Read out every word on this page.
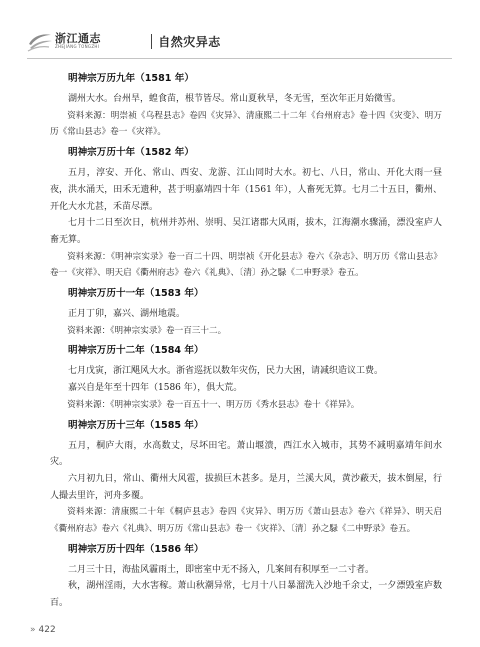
浙江通志
ZHEJIANG TONGZHI	自然灾异志
明神宗万历九年（1581 年）

湖州大水。台州旱，蝗食苗，根节皆尽。常山夏秋旱，冬无雪，至次年正月始微雪。

资料来源：明崇祯《乌程县志》卷四《灾异》、清康熙二十二年《台州府志》卷十四《灾变》、明万历《常山县志》卷一《灾祥》。

明神宗万历十年（1582 年）

五月，淳安、开化、常山、西安、龙游、江山同时大水。初七、八日，常山、开化大雨一昼夜，洪水涌天，田禾无遗种，甚于明嘉靖四十年（1561 年），人畜死无算。七月二十五日，衢州、开化大水尤甚，禾苗尽漂。

七月十二日至次日，杭州并苏州、崇明、吴江诸郡大风雨，拔木，江海潮水骤涌，漂没室庐人畜无算。

资料来源：《明神宗实录》卷一百二十四、明崇祯《开化县志》卷六《杂志》、明万历《常山县志》卷一《灾祥》、明天启《衢州府志》卷六《礼典》、〔清〕孙之騄《二申野录》卷五。

明神宗万历十一年（1583 年）

正月丁卯，嘉兴、湖州地震。

资料来源：《明神宗实录》卷一百三十二。

明神宗万历十二年（1584 年）

七月戊寅，浙江飓风大水。浙省巡抚以数年灾伤，民力大困，请减织造议工费。

嘉兴自是年至十四年（1586 年），俱大荒。

资料来源：《明神宗实录》卷一百五十一、明万历《秀水县志》卷十《祥异》。

明神宗万历十三年（1585 年）

五月，桐庐大雨，水高数丈，尽坏田宅。萧山堰溃，西江水入城市，其势不减明嘉靖年间水灾。

六月初九日，常山、衢州大风雹，拔损巨木甚多。是月，兰溪大风，黄沙蔽天，拔木倒屋，行人撮去里许，河舟多覆。

资料来源：清康熙二十年《桐庐县志》卷四《灾异》、明万历《萧山县志》卷六《祥异》、明天启《衢州府志》卷六《礼典》、明万历《常山县志》卷一《灾祥》、〔清〕孙之騄《二申野录》卷五。

明神宗万历十四年（1586 年）

二月三十日，海盐风霾雨土，即密室中无不扬入，几案间有积厚至一二寸者。

秋，湖州淫雨，大水害稼。萧山秋潮异常，七月十八日暴溜洗入沙地千余丈，一夕漂毁室庐数百。

» 422
